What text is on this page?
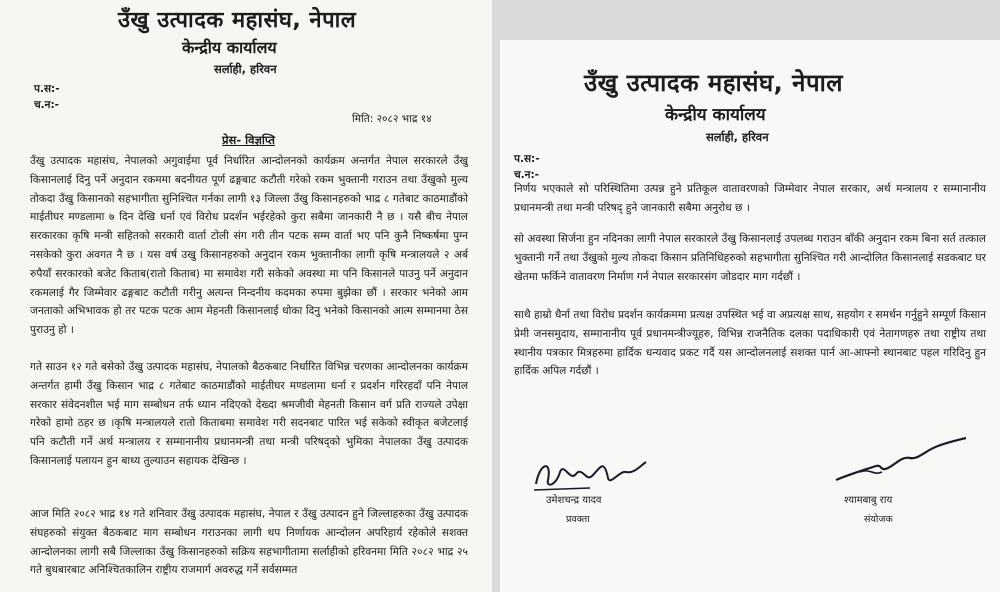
उँखु उत्पादक महासंघ, नेपाल
केन्द्रीय कार्यालय
सर्लाही, हरिवन
प.स:-
च.न:-
मिति: २०८२ भाद्र १४
प्रेस- विज्ञप्ति
उँखु उत्पादक महासंघ, नेपालको अगुवाईमा पूर्व निर्धारित आन्दोलनको कार्यक्रम अन्तर्गत नेपाल सरकारले उँखु किसानलाई दिनु पर्ने अनुदान रकममा बदनीयत पूर्ण ढङ्गबाट कटौती गरेको रकम भुक्तानी गराउन तथा उँखुको मुल्य तोकदा उँखु किसानको सहभागीता सुनिश्चित गर्नका लागी १३ जिल्ला उँखु किसानहरुको भाद्र ८ गतेबाट काठमाडौंको माईतीघर मण्डलामा ७ दिन देखि धर्ना एवं विरोध प्रदर्शन भईरहेको कुरा सबैमा जानकारी नै छ । यसै बीच नेपाल सरकारका कृषि मन्त्री सहितको सरकारी वार्ता टोली संग गरी तीन पटक सम्म वार्ता भए पनि कुनै निष्कर्षमा पुग्न नसकेको कुरा अवगत नै छ । यस वर्ष उखु किसानहरुको अनुदान रकम भुक्तानीका लागी कृषि मन्त्रालयले २ अर्ब रुपैयाँ सरकारको बजेट किताब(रातो किताब) मा समावेश गरी सकेको अवस्था मा पनि किसानले पाउनु पर्ने अनुदान रकमलाई गैर जिम्मेवार ढङ्गबाट कटौती गरीनु अत्यन्त निन्दनीय कदमका रुपमा बुझेका छौं । सरकार भनेको आम जनताको अभिभावक हो तर पटक पटक आम मेहनती किसानलाई धोका दिनु भनेको किसानको आत्म सम्मानमा ठेस पुराउनु हो ।
गते साउन १२ गते बसेको उँखु उत्पादक महासंघ, नेपालको बैठकबाट निर्धारित विभिन्न चरणका आन्दोलनका कार्यक्रम अन्तर्गत हामी उँखु किसान भाद्र ८ गतेबाट काठमाडौंको माईतीघर मण्डलामा धर्ना र प्रदर्शन गरिरहदाँ पनि नेपाल सरकार संवेदनशील भई माग सम्बोधन तर्फ ध्यान नदिएको देख्दा श्रमजीवी मेहनती किसान वर्ग प्रति राज्यले उपेक्षा गरेको हामो ठहर छ ।कृषि मन्त्रालयले रातो किताबमा समावेश गरी सदनबाट पारित भई सकेको स्वीकृत बजेटलाई पनि कटौती गर्ने अर्थ मन्त्रालय र सम्मानानीय प्रधानमन्त्री तथा मन्त्री परिषद्को भुमिका नेपालका उँखु उत्पादक किसानलाई पलायन हुन बाध्य तुल्याउन सहायक देखिन्छ ।
आज मिति २०८२ भाद्र १४ गते शनिवार उँखु उत्पादक महासंघ, नेपाल र उँखु उत्पादन हुने जिल्लाहरुका उँखु उत्पादक संघहरुको संयुक्त बैठकबाट माग सम्बोधन गराउनका लागी थप निर्णायक आन्दोलन अपरिहार्य रहेकोले सशक्त आन्दोलनका लागी सबै जिल्लाका उँखु किसानहरुको सक्रिय सहभागीतामा सर्लाहीको हरिवनमा मिति २०८२ भाद्र २५ गते बुधबारबाट अनिश्चितकालिन राष्ट्रीय राजमार्ग अवरुद्ध गर्ने सर्वसम्मत
उँखु उत्पादक महासंघ, नेपाल
केन्द्रीय कार्यालय
सर्लाही, हरिवन
प.स:-
च.न:-
निर्णय भएकाले सो परिस्थितिमा उत्पन्न हुने प्रतिकूल वातावरणको जिम्मेवार नेपाल सरकार, अर्थ मन्त्रालय र सम्मानानीय प्रधानमन्त्री तथा मन्त्री परिषद् हुने जानकारी सबैमा अनुरोध छ ।
सो अवस्था सिर्जना हुन नदिनका लागी नेपाल सरकारले उँखु किसानलाई उपलब्ध गराउन बाँकी अनुदान रकम बिना सर्त तत्काल भुक्तानी गर्ने तथा उँखुको मुल्य तोकदा किसान प्रतिनिधिहरुको सहभागीता सुनिश्चित गरी आन्दोलित किसानलाई सडकबाट घर खेतमा फर्किने वातावरण निर्माण गर्न नेपाल सरकारसंग जोडदार माग गर्दछौं ।
साथै हाम्रो धैर्ना तथा विरोध प्रदर्शन कार्यक्रममा प्रत्यक्ष उपस्थित भई वा अप्रत्यक्ष साथ, सहयोग र समर्थन गर्नुहुने सम्पूर्ण किसान प्रेमी जनसमुदाय, सम्मानानीय पूर्व प्रधानमन्त्रीज्यूहरु, विभिन्न राजनैतिक दलका पदाधिकारी एवं नेतागणहरु तथा राष्ट्रीय तथा स्थानीय पत्रकार मित्रहरुमा हार्दिक धन्यवाद प्रकट गर्दै यस आन्दोलनलाई सशक्त पार्न आ-आफ्नो स्थानबाट पहल गरिदिनु हुन हार्दिक अपिल गर्दछौं ।
उमेशचन्द्र यादव
प्रवक्ता
श्यामबाबु राय
संयोजक
